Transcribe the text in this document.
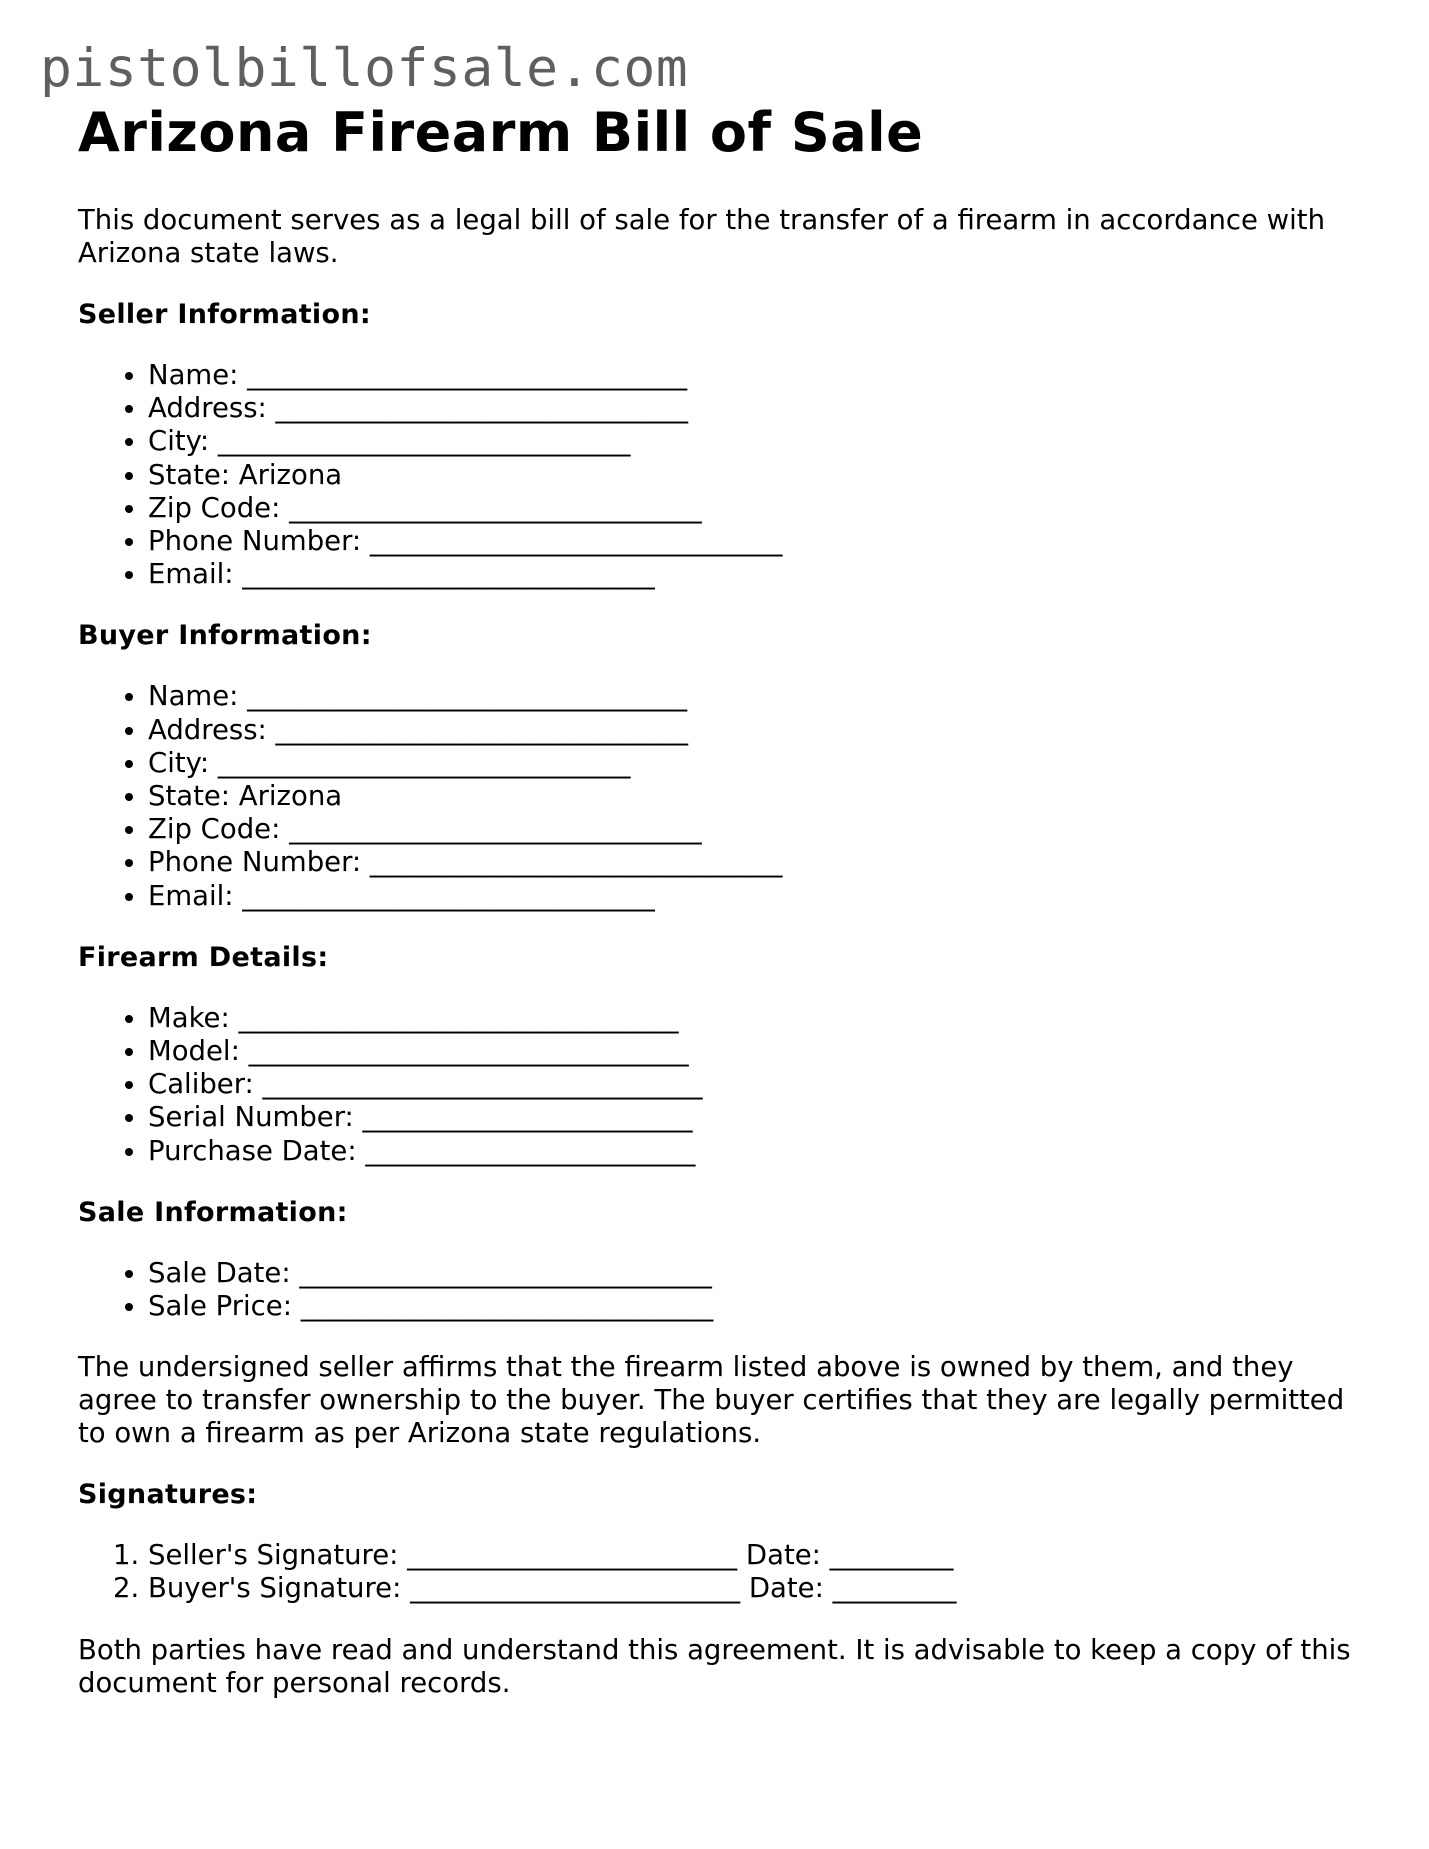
pistolbillofsale.com
Arizona Firearm Bill of Sale

This document serves as a legal bill of sale for the transfer of a firearm in accordance with Arizona state laws.

Seller Information:
• Name: ________________________________
• Address: ______________________________
• City: ______________________________
• State: Arizona
• Zip Code: ______________________________
• Phone Number: ______________________________
• Email: ______________________________
Buyer Information:
• Name: ________________________________
• Address: ______________________________
• City: ______________________________
• State: Arizona
• Zip Code: ______________________________
• Phone Number: ______________________________
• Email: ______________________________
Firearm Details:
• Make: ________________________________
• Model: ________________________________
• Caliber: ________________________________
• Serial Number: ________________________
• Purchase Date: ________________________
Sale Information:
• Sale Date: ______________________________
• Sale Price: ______________________________

The undersigned seller affirms that the firearm listed above is owned by them, and they agree to transfer ownership to the buyer. The buyer certifies that they are legally permitted to own a firearm as per Arizona state regulations.

Signatures:
1. Seller's Signature: ________________________ Date: _________
2. Buyer's Signature: ________________________ Date: _________

Both parties have read and understand this agreement. It is advisable to keep a copy of this document for personal records.
